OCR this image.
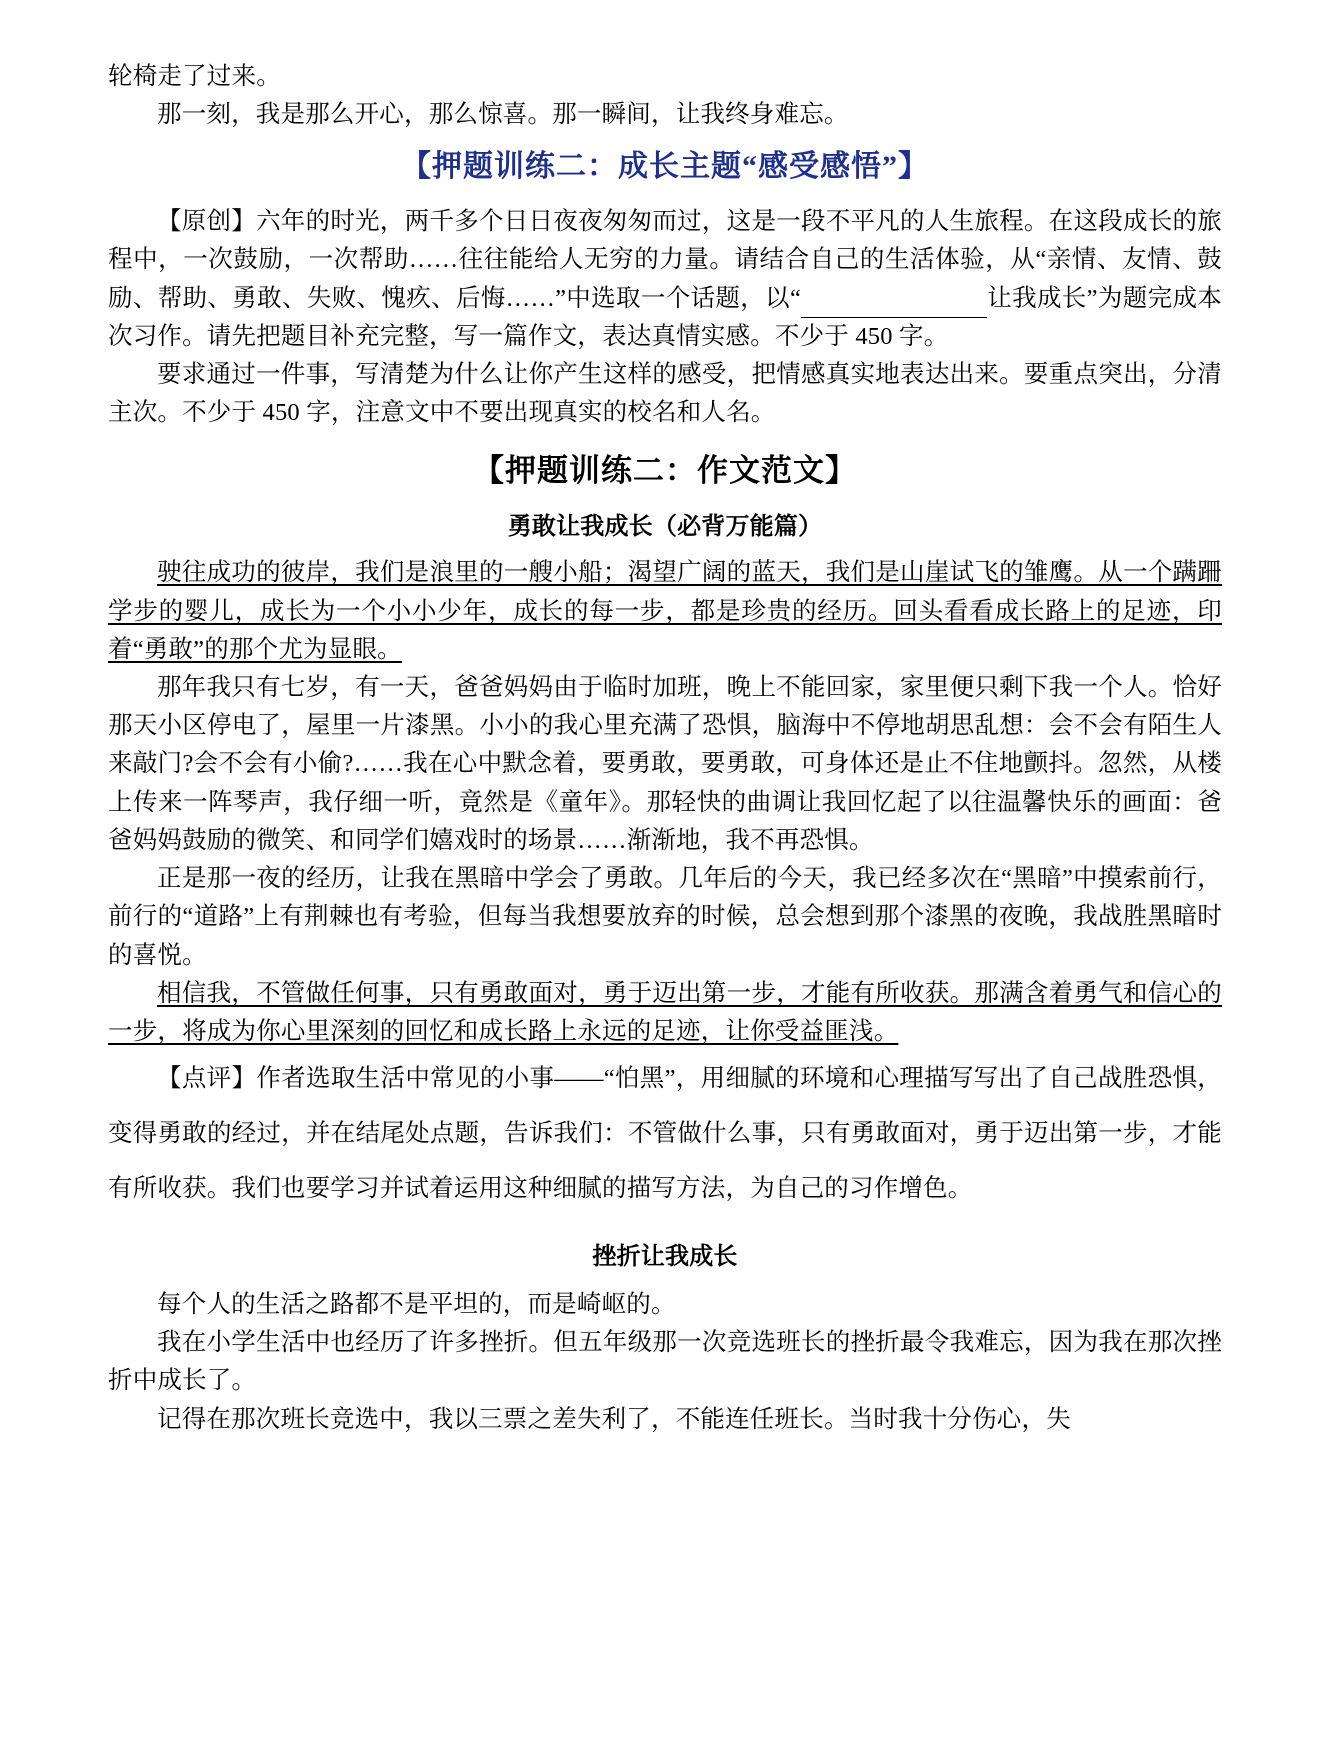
轮椅走了过来。

那一刻，我是那么开心，那么惊喜。那一瞬间，让我终身难忘。

【押题训练二：成长主题“感受感悟”】

【原创】六年的时光，两千多个日日夜夜匆匆而过，这是一段不平凡的人生旅程。在这段成长的旅程中，一次鼓励，一次帮助……往往能给人无穷的力量。请结合自己的生活体验，从“亲情、友情、鼓励、帮助、勇敢、失败、愧疚、后悔……”中选取一个话题，以“	让我成长”为题完成本次习作。请先把题目补充完整，写一篇作文，表达真情实感。不少于 450 字。

要求通过一件事，写清楚为什么让你产生这样的感受，把情感真实地表达出来。要重点突出，分清主次。不少于 450 字，注意文中不要出现真实的校名和人名。

【押题训练二：作文范文】

勇敢让我成长（必背万能篇）

驶往成功的彼岸，我们是浪里的一艘小船；渴望广阔的蓝天，我们是山崖试飞的雏鹰。从一个蹒跚学步的婴儿，成长为一个小小少年，成长的每一步，都是珍贵的经历。回头看看成长路上的足迹，印着“勇敢”的那个尤为显眼。

那年我只有七岁，有一天，爸爸妈妈由于临时加班，晚上不能回家，家里便只剩下我一个人。恰好那天小区停电了，屋里一片漆黑。小小的我心里充满了恐惧，脑海中不停地胡思乱想：会不会有陌生人来敲门?会不会有小偷?……我在心中默念着，要勇敢，要勇敢，可身体还是止不住地颤抖。忽然，从楼上传来一阵琴声，我仔细一听，竟然是《童年》。那轻快的曲调让我回忆起了以往温馨快乐的画面：爸爸妈妈鼓励的微笑、和同学们嬉戏时的场景……渐渐地，我不再恐惧。

正是那一夜的经历，让我在黑暗中学会了勇敢。几年后的今天，我已经多次在“黑暗”中摸索前行，前行的“道路”上有荆棘也有考验，但每当我想要放弃的时候，总会想到那个漆黑的夜晚，我战胜黑暗时的喜悦。

相信我，不管做任何事，只有勇敢面对，勇于迈出第一步，才能有所收获。那满含着勇气和信心的一步，将成为你心里深刻的回忆和成长路上永远的足迹，让你受益匪浅。

【点评】作者选取生活中常见的小事——“怕黑”，用细腻的环境和心理描写写出了自己战胜恐惧，变得勇敢的经过，并在结尾处点题，告诉我们：不管做什么事，只有勇敢面对，勇于迈出第一步，才能有所收获。我们也要学习并试着运用这种细腻的描写方法，为自己的习作增色。

挫折让我成长

每个人的生活之路都不是平坦的，而是崎岖的。

我在小学生活中也经历了许多挫折。但五年级那一次竞选班长的挫折最令我难忘，因为我在那次挫折中成长了。

记得在那次班长竞选中，我以三票之差失利了，不能连任班长。当时我十分伤心，失
